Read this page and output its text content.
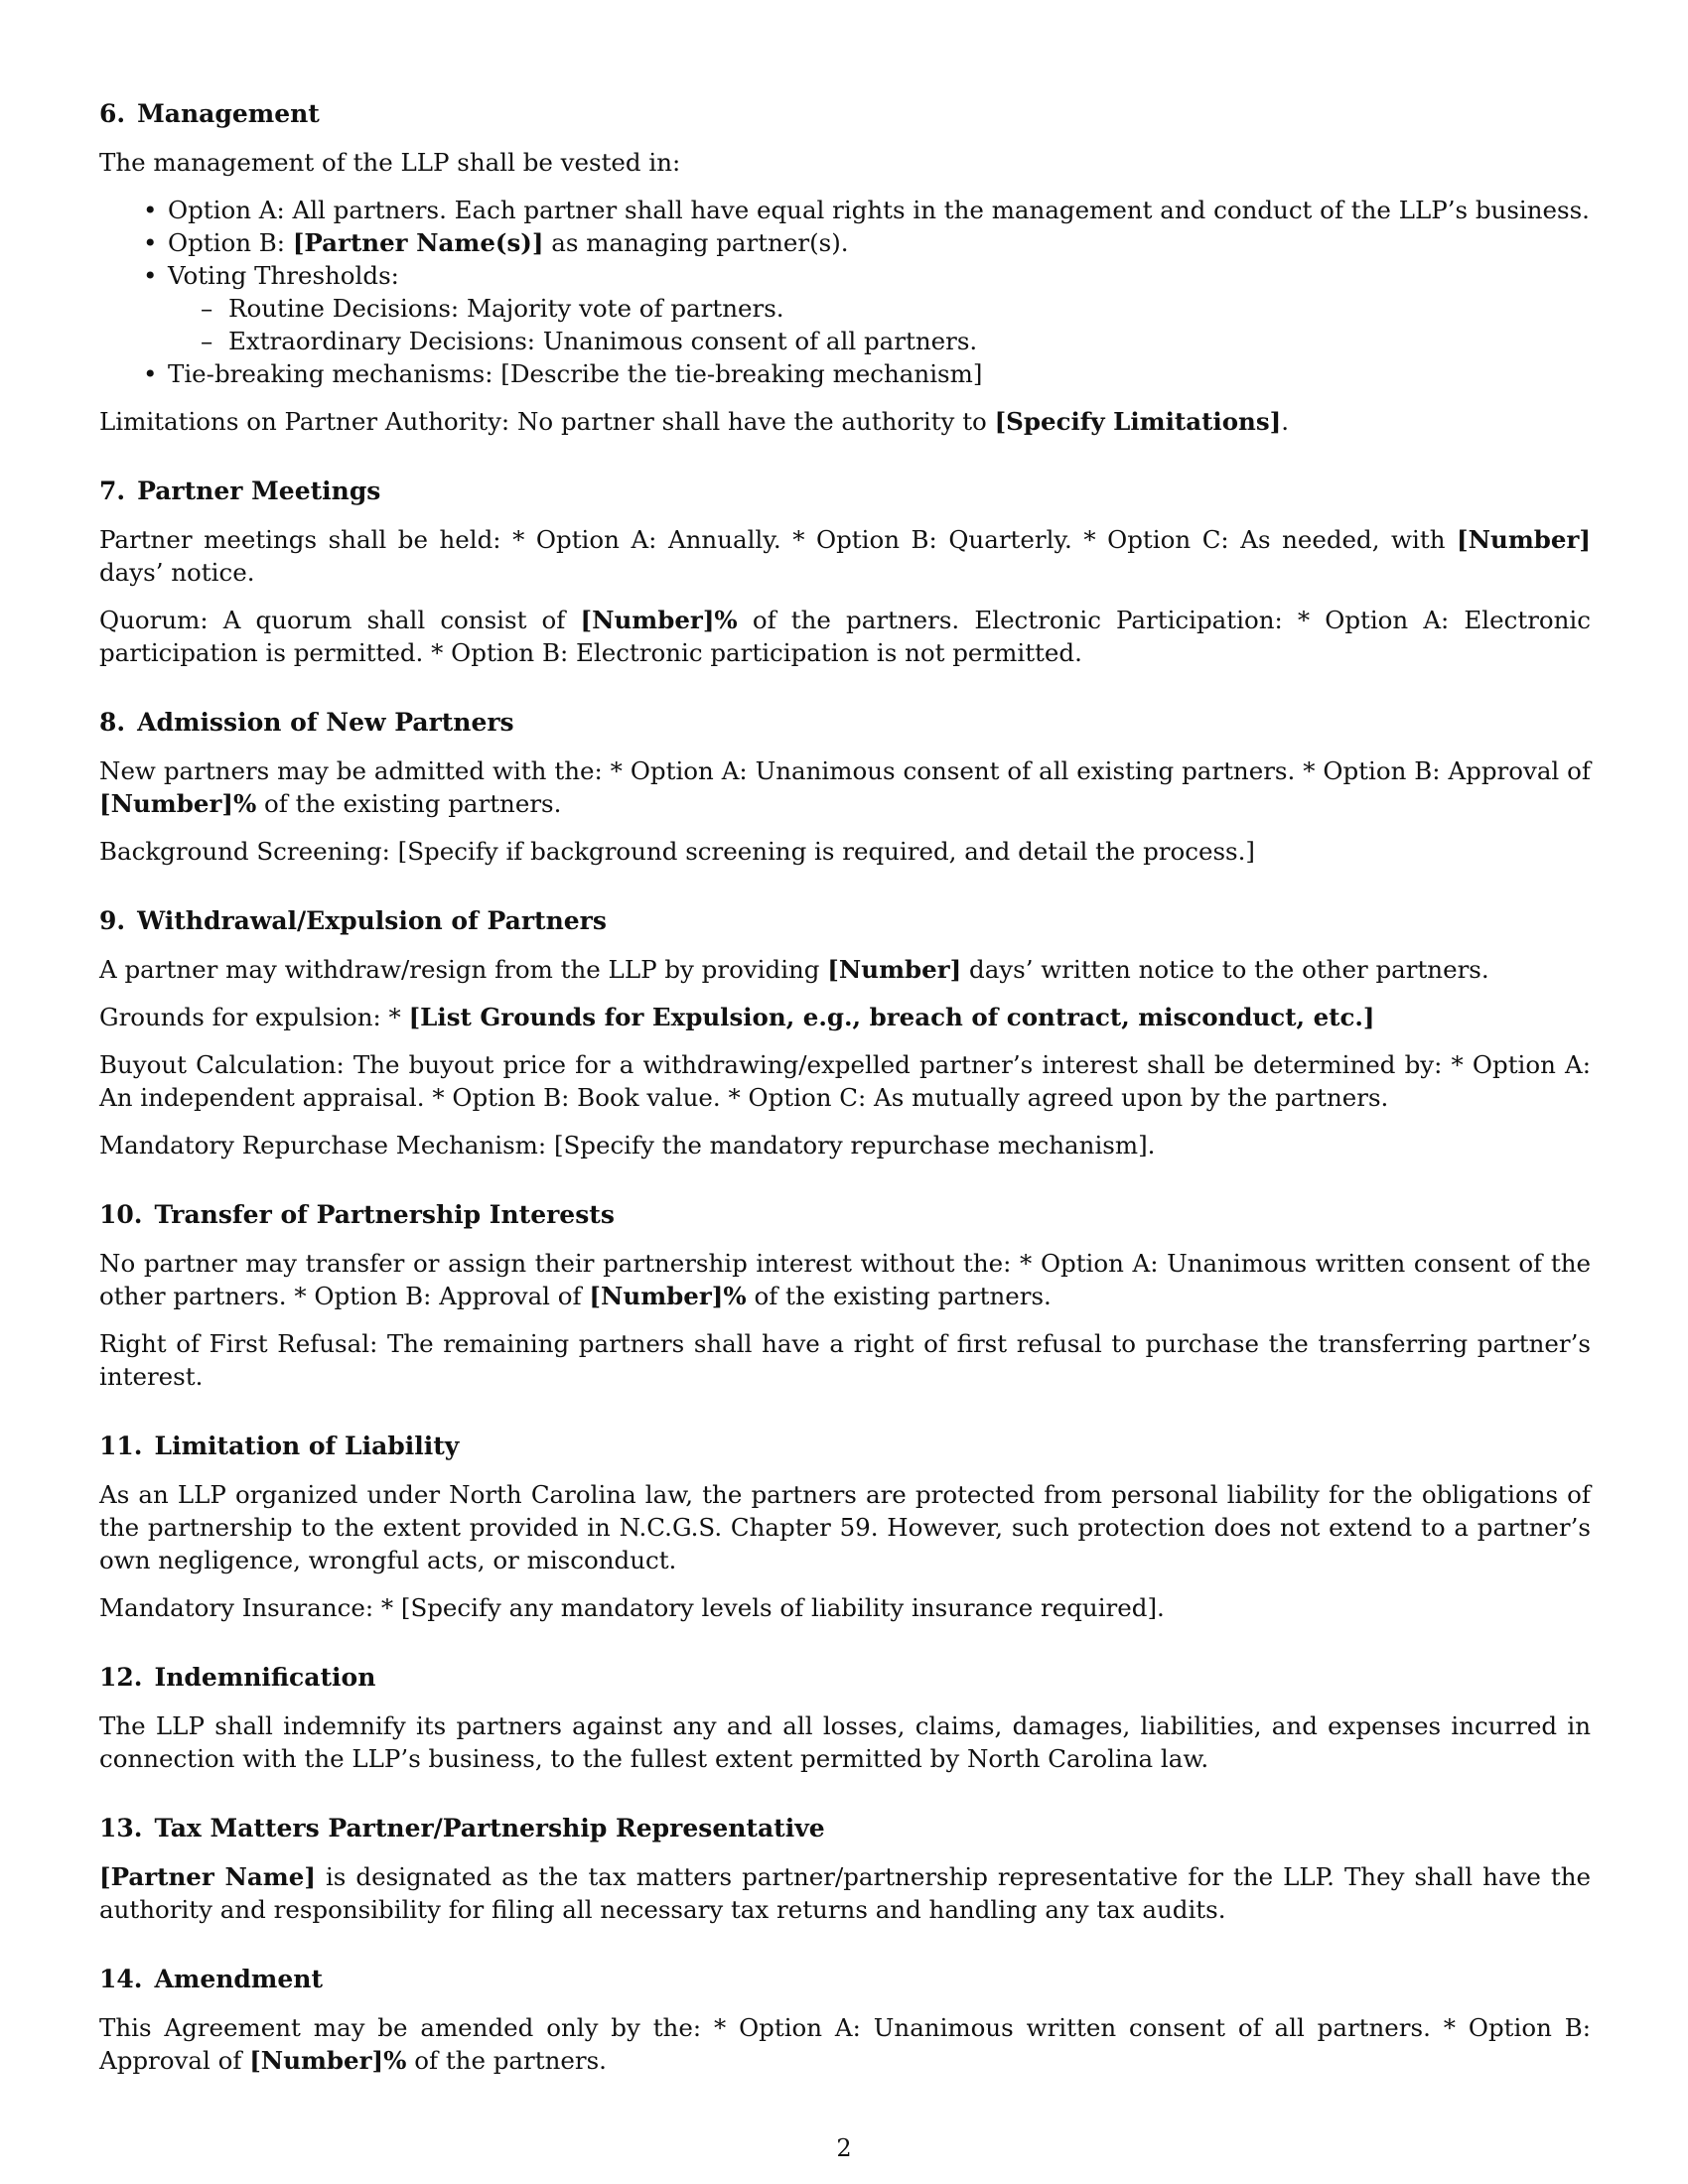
6. Management

The management of the LLP shall be vested in:

• Option A: All partners. Each partner shall have equal rights in the management and conduct of the LLP’s business.
• Option B: [Partner Name(s)] as managing partner(s).
• Voting Thresholds:
– Routine Decisions: Majority vote of partners.
– Extraordinary Decisions: Unanimous consent of all partners.
• Tie-breaking mechanisms: [Describe the tie-breaking mechanism]

Limitations on Partner Authority: No partner shall have the authority to [Specify Limitations].

7. Partner Meetings

Partner meetings shall be held: * Option A: Annually. * Option B: Quarterly. * Option C: As needed, with [Number] days’ notice.

Quorum: A quorum shall consist of [Number]% of the partners. Electronic Participation: * Option A: Electronic participation is permitted. * Option B: Electronic participation is not permitted.

8. Admission of New Partners

New partners may be admitted with the: * Option A: Unanimous consent of all existing partners. * Option B: Approval of [Number]% of the existing partners.

Background Screening: [Specify if background screening is required, and detail the process.]

9. Withdrawal/Expulsion of Partners

A partner may withdraw/resign from the LLP by providing [Number] days’ written notice to the other partners.

Grounds for expulsion: * [List Grounds for Expulsion, e.g., breach of contract, misconduct, etc.]

Buyout Calculation: The buyout price for a withdrawing/expelled partner’s interest shall be determined by: * Option A: An independent appraisal. * Option B: Book value. * Option C: As mutually agreed upon by the partners.

Mandatory Repurchase Mechanism: [Specify the mandatory repurchase mechanism].

10. Transfer of Partnership Interests

No partner may transfer or assign their partnership interest without the: * Option A: Unanimous written consent of the other partners. * Option B: Approval of [Number]% of the existing partners.

Right of First Refusal: The remaining partners shall have a right of first refusal to purchase the transferring partner’s interest.

11. Limitation of Liability

As an LLP organized under North Carolina law, the partners are protected from personal liability for the obligations of the partnership to the extent provided in N.C.G.S. Chapter 59. However, such protection does not extend to a partner’s own negligence, wrongful acts, or misconduct.

Mandatory Insurance: * [Specify any mandatory levels of liability insurance required].

12. Indemnification

The LLP shall indemnify its partners against any and all losses, claims, damages, liabilities, and expenses incurred in connection with the LLP’s business, to the fullest extent permitted by North Carolina law.

13. Tax Matters Partner/Partnership Representative

[Partner Name] is designated as the tax matters partner/partnership representative for the LLP. They shall have the authority and responsibility for filing all necessary tax returns and handling any tax audits.

14. Amendment

This Agreement may be amended only by the: * Option A: Unanimous written consent of all partners. * Option B: Approval of [Number]% of the partners.

2
